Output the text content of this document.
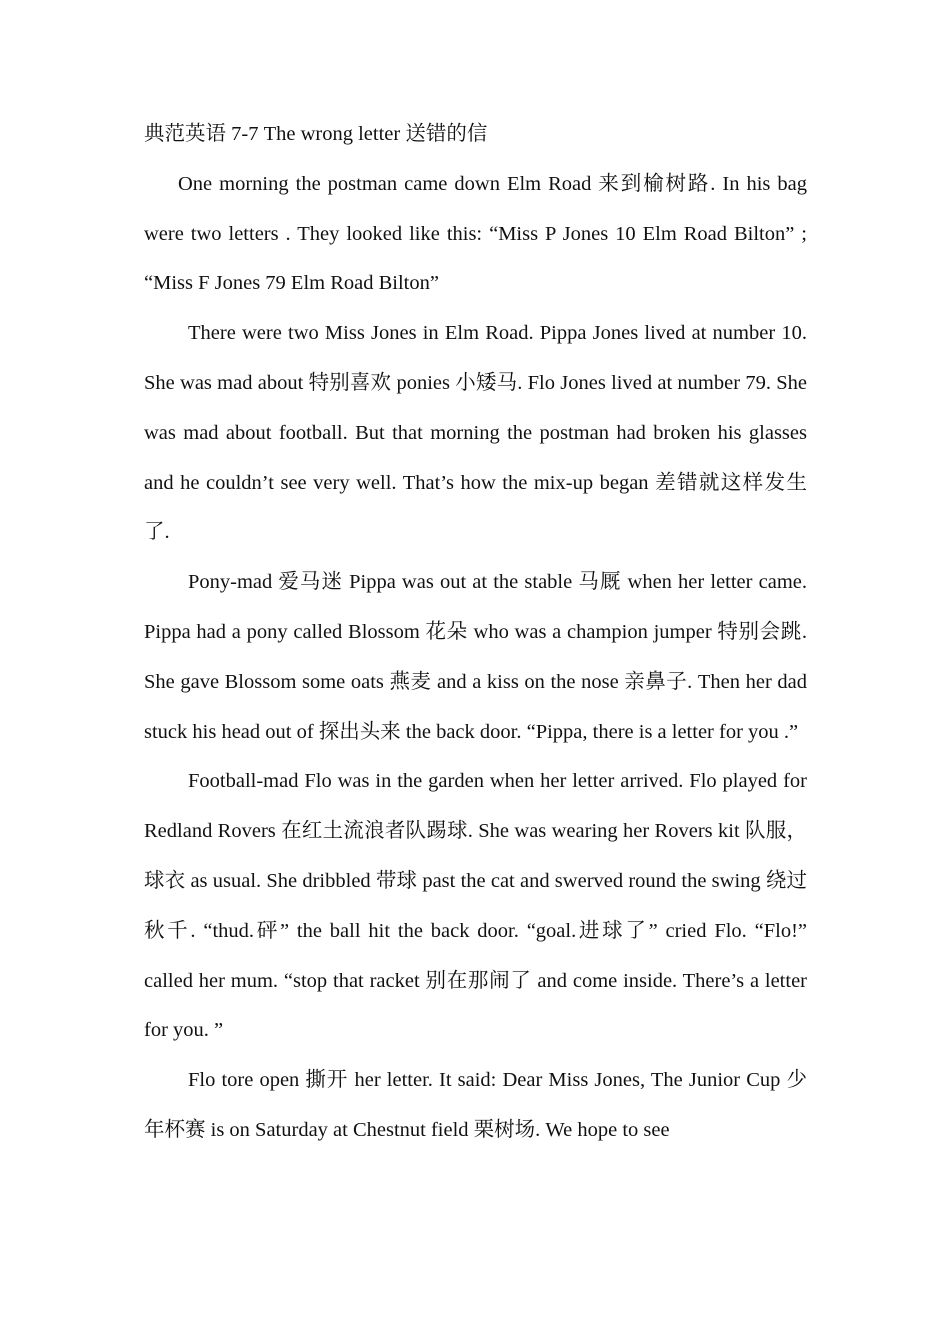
典范英语 7-7 The wrong letter 送错的信

One morning the postman came down Elm Road 来到榆树路. In his bag were two letters . They looked like this: “Miss P Jones 10 Elm Road Bilton” ; “Miss F Jones 79 Elm Road Bilton”

There were two Miss Jones in Elm Road. Pippa Jones lived at number 10. She was mad about 特别喜欢 ponies 小矮马. Flo Jones lived at number 79. She was mad about football. But that morning the postman had broken his glasses and he couldn’t see very well. That’s how the mix-up began 差错就这样发生了.

Pony-mad 爱马迷 Pippa was out at the stable 马厩 when her letter came. Pippa had a pony called Blossom 花朵 who was a champion jumper 特别会跳. She gave Blossom some oats 燕麦 and a kiss on the nose 亲鼻子. Then her dad stuck his head out of 探出头来 the back door. “Pippa, there is a letter for you .”

Football-mad Flo was in the garden when her letter arrived. Flo played for Redland Rovers 在红土流浪者队踢球. She was wearing her Rovers kit 队服，球衣 as usual. She dribbled 带球 past the cat and swerved round the swing 绕过秋千. “thud.砰” the ball hit the back door. “goal.进球了” cried Flo. “Flo!” called her mum. “stop that racket 别在那闹了 and come inside. There’s a letter for you. ”

Flo tore open 撕开 her letter. It said: Dear Miss Jones, The Junior Cup 少年杯赛 is on Saturday at Chestnut field 栗树场. We hope to see
